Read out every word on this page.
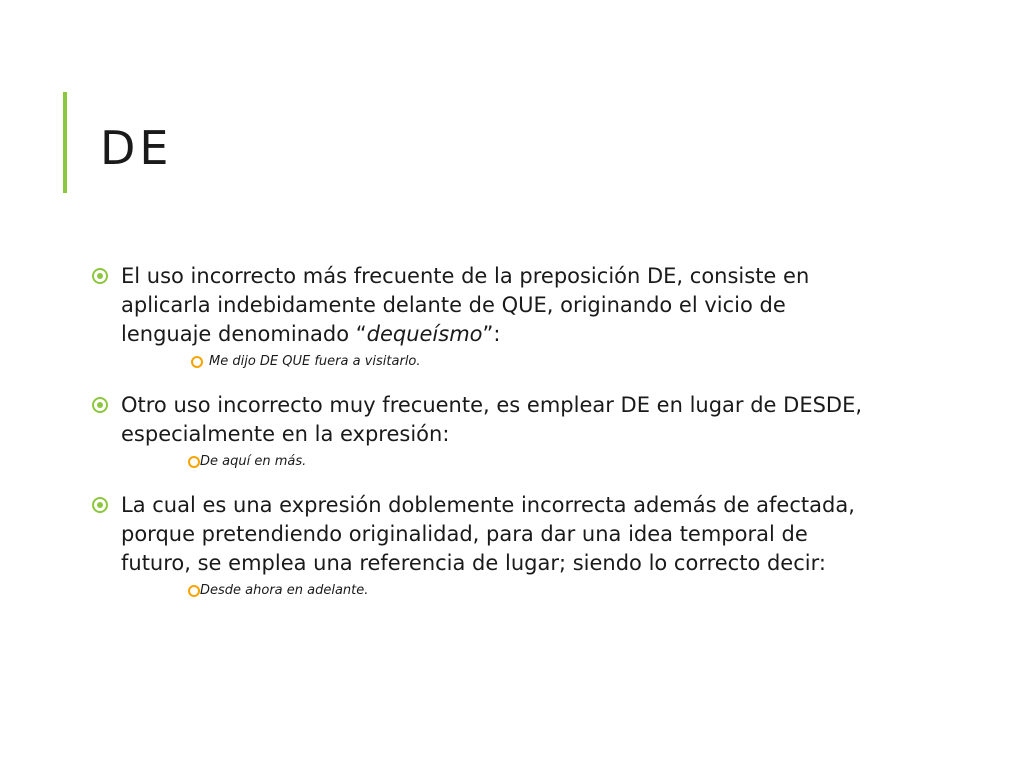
DE
El uso incorrecto más frecuente de la preposición DE, consiste en aplicarla indebidamente delante de QUE, originando el vicio de lenguaje denominado “dequeísmo”:
Me dijo DE QUE fuera a visitarlo.
Otro uso incorrecto muy frecuente, es emplear DE en lugar de DESDE, especialmente en la expresión:
De aquí en más.
La cual es una expresión doblemente incorrecta además de afectada, porque pretendiendo originalidad, para dar una idea temporal de futuro, se emplea una referencia de lugar; siendo lo correcto decir:
Desde ahora en adelante.
